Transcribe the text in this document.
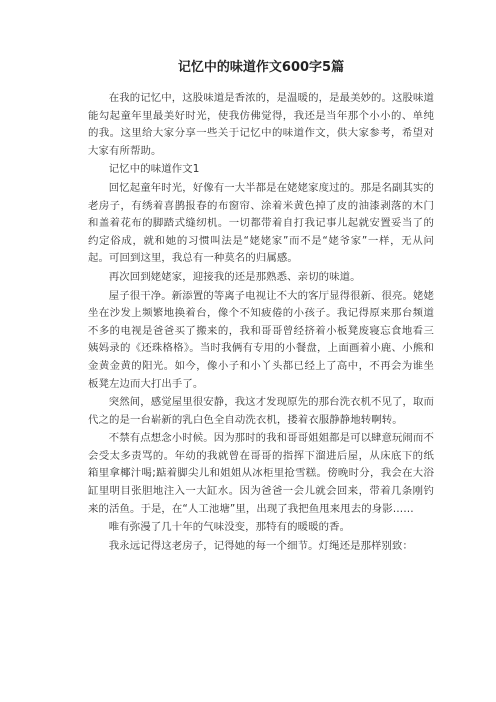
记忆中的味道作文600字5篇

在我的记忆中，这股味道是香浓的，是温暖的，是最美妙的。这股味道能勾起童年里最美好时光，使我仿佛觉得，我还是当年那个小小的、单纯的我。这里给大家分享一些关于记忆中的味道作文，供大家参考，希望对大家有所帮助。

记忆中的味道作文1

回忆起童年时光，好像有一大半都是在姥姥家度过的。那是名副其实的老房子，有绣着喜鹊报春的布窗帘、涂着米黄色掉了皮的油漆剥落的木门和盖着花布的脚踏式缝纫机。一切都带着自打我记事儿起就安置妥当了的约定俗成，就和她的习惯叫法是“姥姥家”而不是“姥爷家”一样，无从问起。可回到这里，我总有一种莫名的归属感。

再次回到姥姥家，迎接我的还是那熟悉、亲切的味道。

屋子很干净。新添置的等离子电视让不大的客厅显得很新、很亮。姥姥坐在沙发上频繁地换着台，像个不知疲倦的小孩子。我记得原来那台频道不多的电视是爸爸买了搬来的，我和哥哥曾经挤着小板凳废寝忘食地看三姨妈录的《还珠格格》。当时我俩有专用的小餐盘，上面画着小鹿、小熊和金黄金黄的阳光。如今，像小子和小丫头都已经上了高中，不再会为谁坐板凳左边而大打出手了。

突然间，感觉屋里很安静，我这才发现原先的那台洗衣机不见了，取而代之的是一台崭新的乳白色全自动洗衣机，搂着衣服静静地转啊转。

不禁有点想念小时候。因为那时的我和哥哥姐姐都是可以肆意玩闹而不会受太多责骂的。年幼的我就曾在哥哥的指挥下溜进后屋，从床底下的纸箱里拿椰汁喝;踮着脚尖儿和姐姐从冰柜里抢雪糕。傍晚时分，我会在大浴缸里明目张胆地注入一大缸水。因为爸爸一会儿就会回来，带着几条刚钓来的活鱼。于是，在“人工池塘”里，出现了我把鱼甩来甩去的身影……

唯有弥漫了几十年的气味没变，那特有的暖暖的香。

我永远记得这老房子，记得她的每一个细节。灯绳还是那样别致：
